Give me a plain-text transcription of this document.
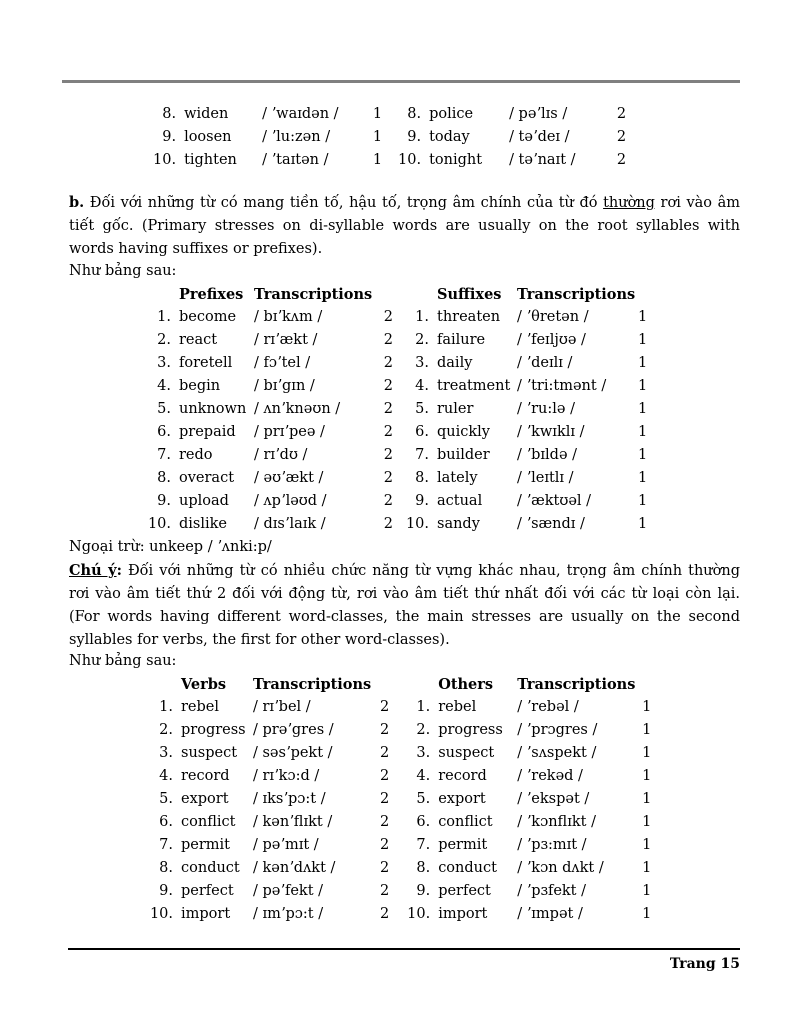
8.	widen	/ ʼwaɪdən /	1	8.	police	/ pəʼlɪs /	2
9.	loosen	/ ʼlu:zən /	1	9.	today	/ təʼdeɪ /	2
10.	tighten	/ ʼtaɪtən /	1	10.	tonight	/ təʼnaɪt /	2
b. Đối với những từ có mang tiền tố, hậu tố, trọng âm chính của từ đó thường rơi vào âm tiết gốc. (Primary stresses on di-syllable words are usually on the root syllables with words having suffixes or prefixes).
Như bảng sau:
	Prefixes	Transcriptions			Suffixes	Transcriptions	
1.	become	/ bɪʼkʌm /	2	1.	threaten	/ ʼθretən /	1
2.	react	/ rɪʼækt /	2	2.	failure	/ ʼfeɪljʊə /	1
3.	foretell	/ fɔʼtel /	2	3.	daily	/ ʼdeɪlɪ /	1
4.	begin	/ bɪʼgɪn /	2	4.	treatment	/ ʼtri:tmənt /	1
5.	unknown	/ ʌnʼknəʊn /	2	5.	ruler	/ ʼru:lə /	1
6.	prepaid	/ prɪʼpeə /	2	6.	quickly	/ ʼkwɪklɪ /	1
7.	redo	/ rɪʼdʊ /	2	7.	builder	/ ʼbɪldə /	1
8.	overact	/ əʊʼækt /	2	8.	lately	/ ʼleɪtlɪ /	1
9.	upload	/ ʌpʼləʊd /	2	9.	actual	/ ʼæktʊəl /	1
10.	dislike	/ dɪsʼlaɪk /	2	10.	sandy	/ ʼsændɪ /	1
Ngoại trừ: unkeep / ʼʌnki:p/
Chú ý: Đối với những từ có nhiều chức năng từ vựng khác nhau, trọng âm chính thường rơi vào âm tiết thứ 2 đối với động từ, rơi vào âm tiết thứ nhất đối với các từ loại còn lại. (For words having different word-classes, the main stresses are usually on the second syllables for verbs, the first for other word-classes).
Như bảng sau:
	Verbs	Transcriptions			Others	Transcriptions	
1.	rebel	/ rɪʼbel /	2	1.	rebel	/ ʼrebəl /	1
2.	progress	/ prəʼgres /	2	2.	progress	/ ʼprɔgres /	1
3.	suspect	/ səsʼpekt /	2	3.	suspect	/ ʼsʌspekt /	1
4.	record	/ rɪʼkɔ:d /	2	4.	record	/ ʼrekəd /	1
5.	export	/ ɪksʼpɔ:t /	2	5.	export	/ ʼekspət /	1
6.	conflict	/ kənʼflɪkt /	2	6.	conflict	/ ʼkɔnflɪkt /	1
7.	permit	/ pəʼmɪt /	2	7.	permit	/ ʼpɜ:mɪt /	1
8.	conduct	/ kənʼdʌkt /	2	8.	conduct	/ ʼkɔn dʌkt /	1
9.	perfect	/ pəʼfekt /	2	9.	perfect	/ ʼpɜfekt /	1
10.	import	/ ɪmʼpɔ:t /	2	10.	import	/ ʼɪmpət /	1
Trang 15
